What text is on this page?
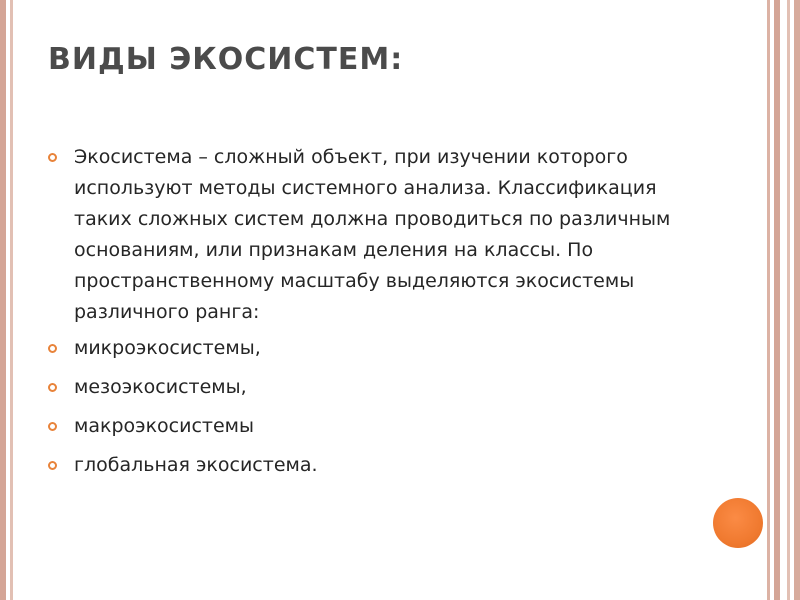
ВИДЫ ЭКОСИСТЕМ:

Экосистема – сложный объект, при изучении которого используют методы системного анализа. Классификация таких сложных систем должна проводиться по различным основаниям, или признакам деления на классы. По пространственному масштабу выделяются экосистемы различного ранга:

микроэкосистемы,

мезоэкосистемы,

макроэкосистемы

глобальная экосистема.
